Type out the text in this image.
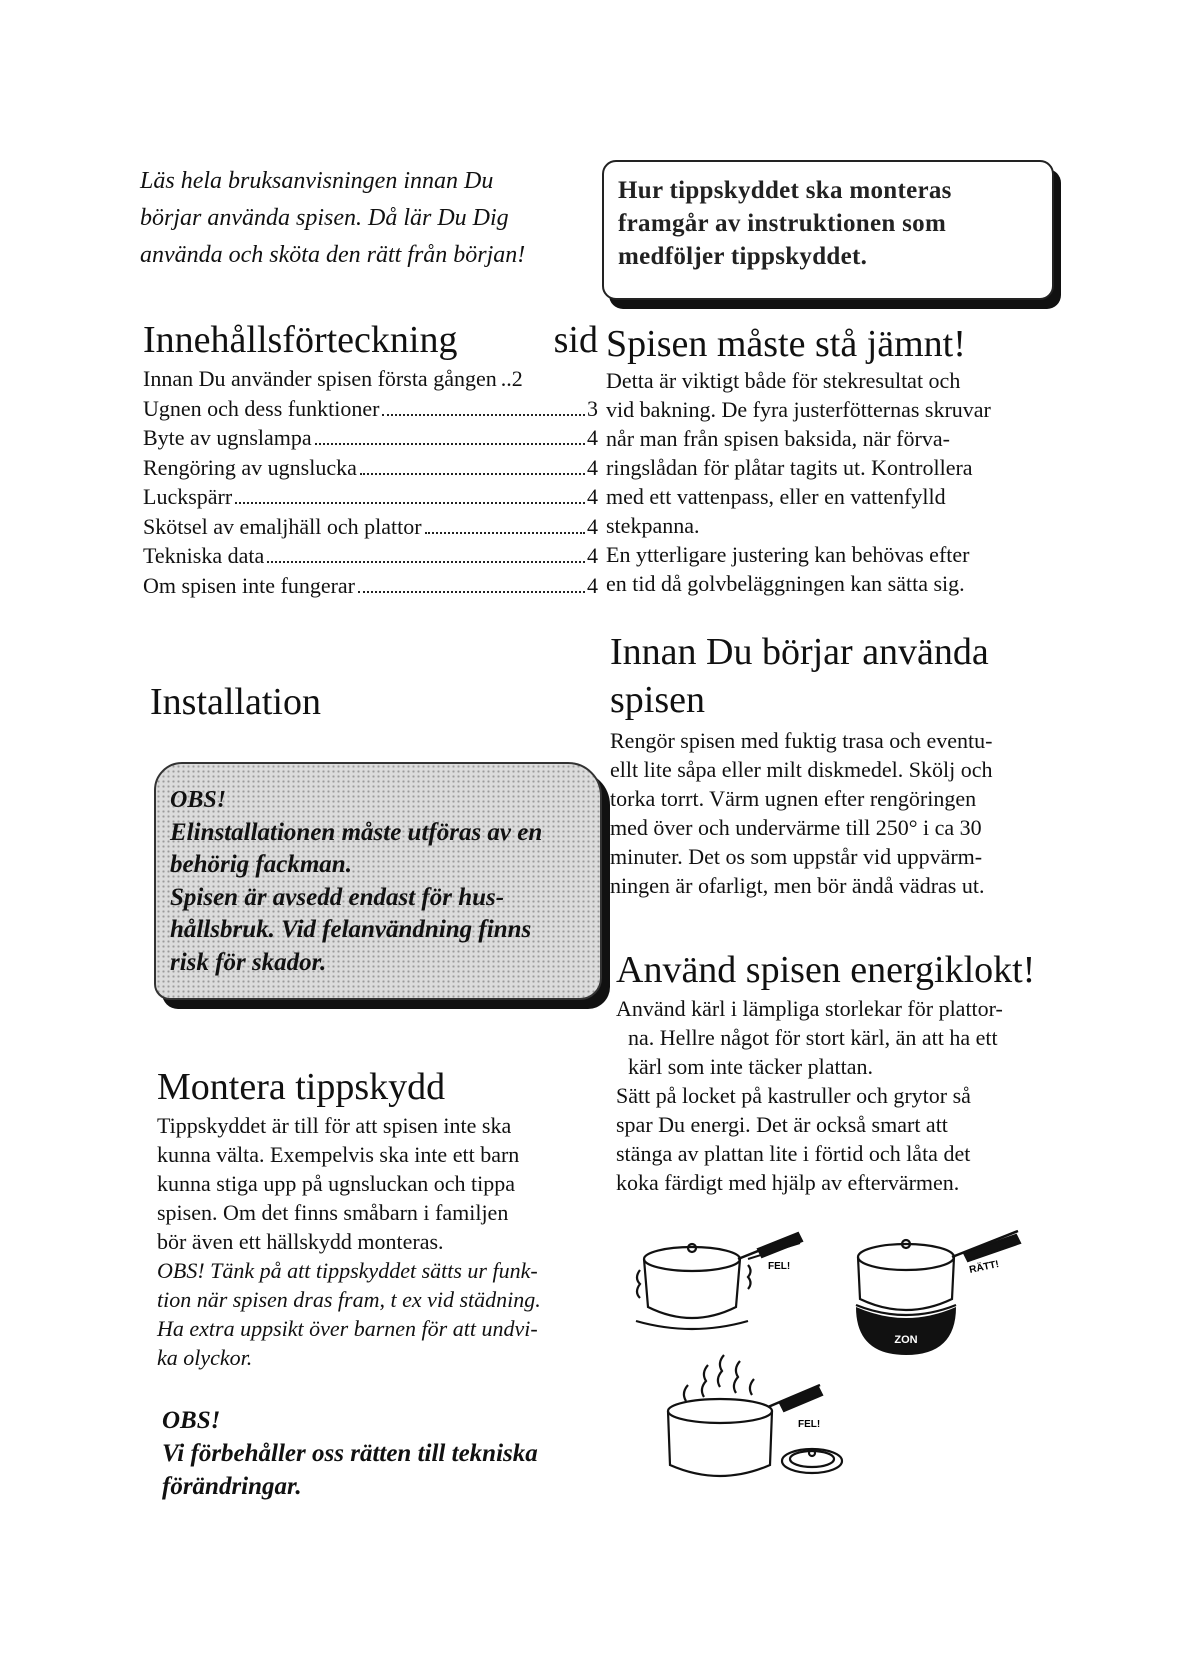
Läs hela bruksanvisningen innan Du
börjar använda spisen. Då lär Du Dig
använda och sköta den rätt från början!
Hur tippskyddet ska monteras
framgår av instruktionen som
medföljer tippskyddet.
Innehållsförteckning	sid
Innan Du använder spisen första gången ..2
Ugnen och dess funktioner	3
Byte av ugnslampa	4
Rengöring av ugnslucka	4
Luckspärr	4
Skötsel av emaljhäll och plattor	4
Tekniska data	4
Om spisen inte fungerar	4
Spisen måste stå jämnt!
Detta är viktigt både för stekresultat och
vid bakning. De fyra justerfötternas skruvar
når man från spisen baksida, när förva-
ringslådan för plåtar tagits ut. Kontrollera
med ett vattenpass, eller en vattenfylld
stekpanna.
En ytterligare justering kan behövas efter
en tid då golvbeläggningen kan sätta sig.
Innan Du börjar använda
spisen
Rengör spisen med fuktig trasa och eventu-
ellt lite såpa eller milt diskmedel. Skölj och
torka torrt. Värm ugnen efter rengöringen
med över och undervärme till 250° i ca 30
minuter. Det os som uppstår vid uppvärm-
ningen är ofarligt, men bör ändå vädras ut.
Installation
OBS!
Elinstallationen måste utföras av en
behörig fackman.
Spisen är avsedd endast för hus-
hållsbruk. Vid felanvändning finns
risk för skador.	Använd spisen energiklokt!
Använd kärl i lämpliga storlekar för plattor-
na. Hellre något för stort kärl, än att ha ett
kärl som inte täcker plattan.
Sätt på locket på kastruller och grytor så
spar Du energi. Det är också smart att
stänga av plattan lite i förtid och låta det
koka färdigt med hjälp av eftervärmen.
Montera tippskydd
Tippskyddet är till för att spisen inte ska
kunna välta. Exempelvis ska inte ett barn
kunna stiga upp på ugnsluckan och tippa
spisen. Om det finns småbarn i familjen
bör även ett hällskydd monteras.
OBS! Tänk på att tippskyddet sätts ur funk-
tion när spisen dras fram, t ex vid städning.
Ha extra uppsikt över barnen för att undvi-
ka olyckor.
OBS!
Vi förbehåller oss rätten till tekniska
förändringar.
FEL!
ZON
RÄTT!
FEL!
